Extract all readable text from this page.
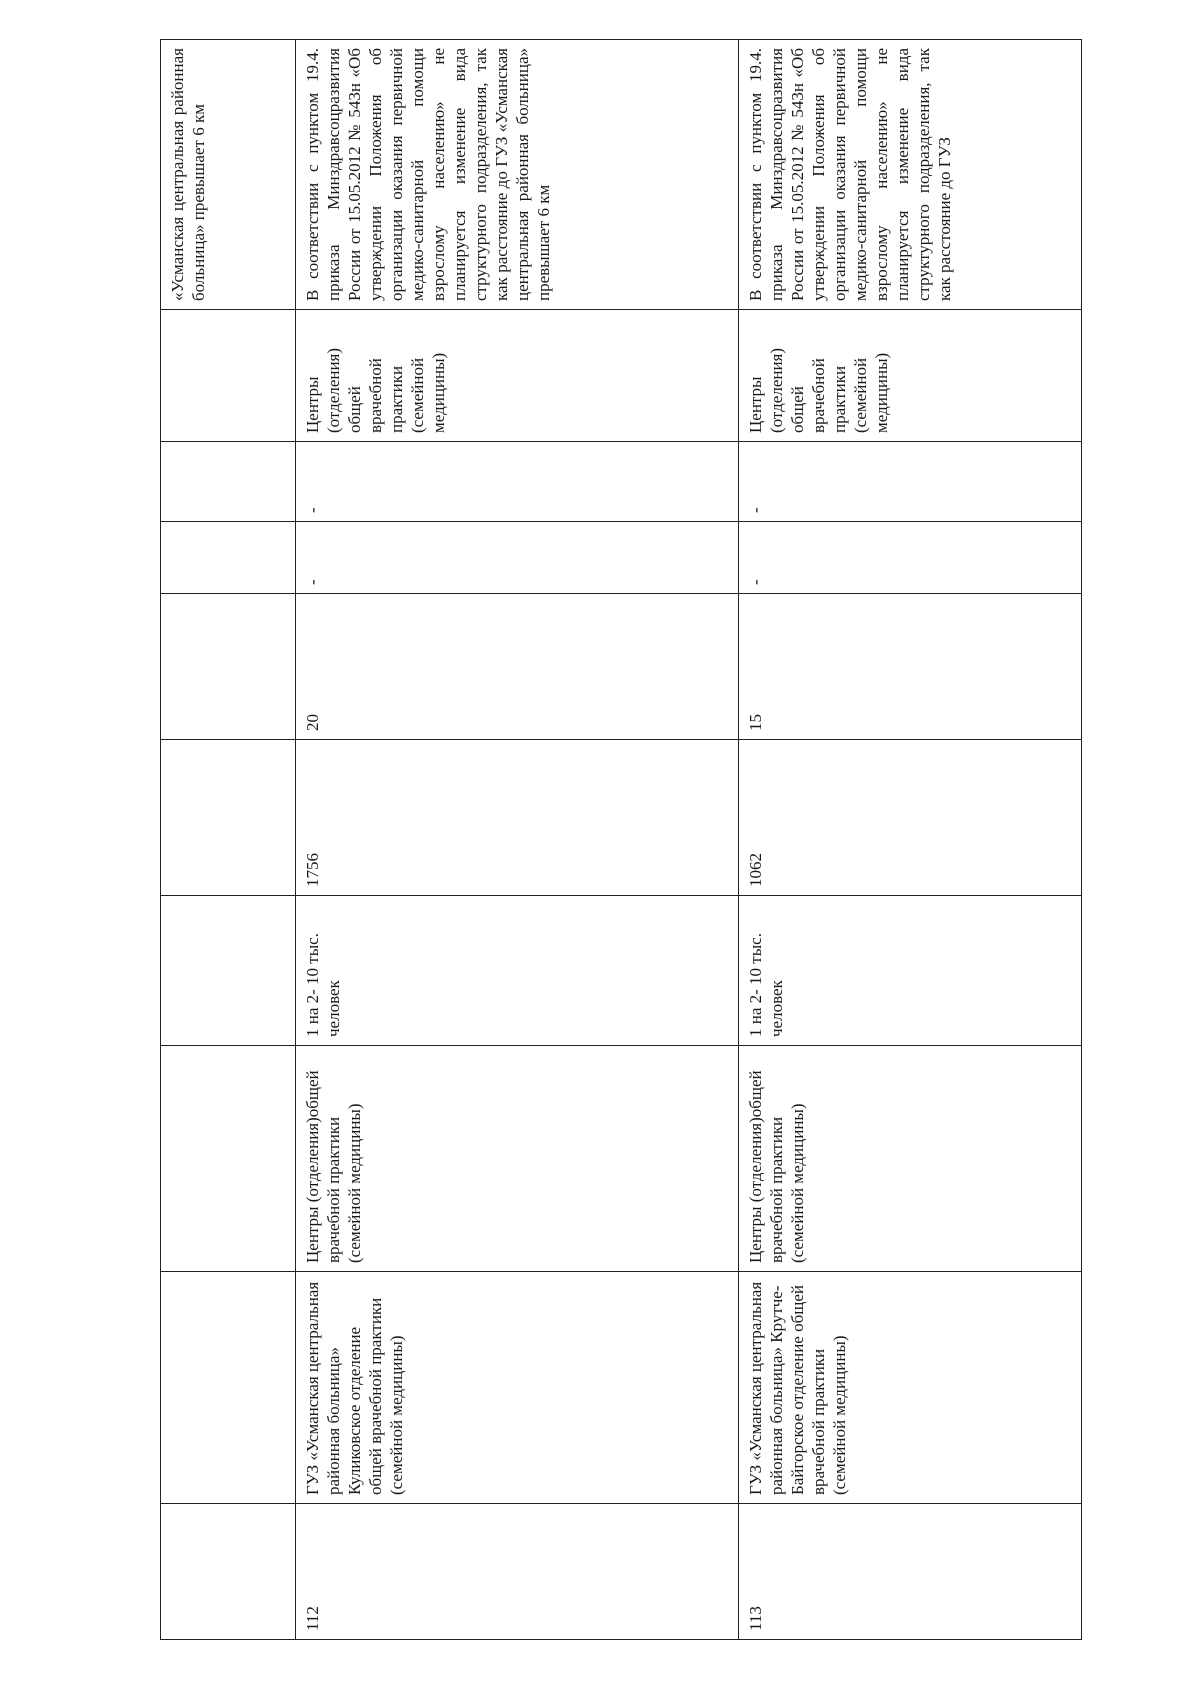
									«Усманская центральная районная больница» превышает 6 км

112	ГУЗ «Усманская центральная районная больница» Куликовское отделение общей врачебной практики (семейной медицины)	Центры (отделения)общей врачебной практики (семейной медицины)	1 на 2- 10 тыс. человек	1756	20	-	-	Центры (отделения) общей врачебной практики (семейной медицины)	В соответствии с пунктом 19.4. приказа Минздравсоцразвития России от 15.05.2012 № 543н «Об утверждении Положения об организации оказания первичной медико-санитарной помощи взрослому населению» не планируется изменение вида структурного подразделения, так как расстояние до ГУЗ «Усманская центральная районная больница» превышает 6 км
113	ГУЗ «Усманская центральная районная больница» Крутче-Байгорское отделение общей врачебной практики (семейной медицины)	Центры (отделения)общей врачебной практики (семейной медицины)	1 на 2- 10 тыс. человек	1062	15	-	-	Центры (отделения) общей врачебной практики (семейной медицины)	В соответствии с пунктом 19.4. приказа Минздравсоцразвития России от 15.05.2012 № 543н «Об утверждении Положения об организации оказания первичной медико-санитарной помощи взрослому населению» не планируется изменение вида структурного подразделения, так как расстояние до ГУЗ
